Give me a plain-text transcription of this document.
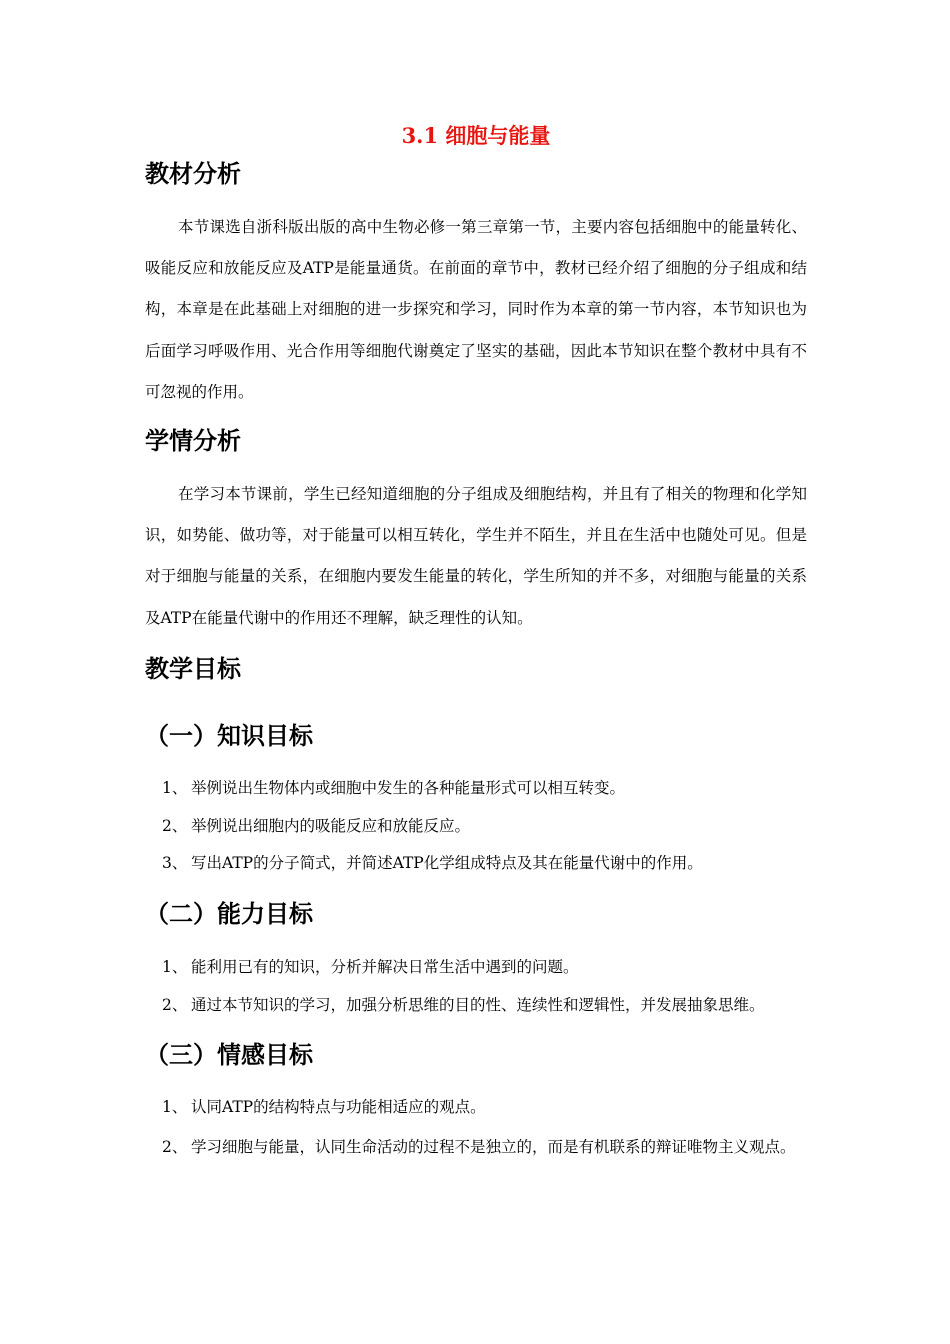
3.1 细胞与能量
教材分析

本节课选自浙科版出版的高中生物必修一第三章第一节，主要内容包括细胞中的能量转化、吸能反应和放能反应及ATP是能量通货。在前面的章节中，教材已经介绍了细胞的分子组成和结构，本章是在此基础上对细胞的进一步探究和学习，同时作为本章的第一节内容，本节知识也为后面学习呼吸作用、光合作用等细胞代谢奠定了坚实的基础，因此本节知识在整个教材中具有不可忽视的作用。

学情分析

在学习本节课前，学生已经知道细胞的分子组成及细胞结构，并且有了相关的物理和化学知识，如势能、做功等，对于能量可以相互转化，学生并不陌生，并且在生活中也随处可见。但是对于细胞与能量的关系，在细胞内要发生能量的转化，学生所知的并不多，对细胞与能量的关系及ATP在能量代谢中的作用还不理解，缺乏理性的认知。

教学目标
（一）知识目标
1、 举例说出生物体内或细胞中发生的各种能量形式可以相互转变。
2、 举例说出细胞内的吸能反应和放能反应。
3、 写出ATP的分子简式，并简述ATP化学组成特点及其在能量代谢中的作用。
（二）能力目标
1、 能利用已有的知识，分析并解决日常生活中遇到的问题。
2、 通过本节知识的学习，加强分析思维的目的性、连续性和逻辑性，并发展抽象思维。
（三）情感目标
1、 认同ATP的结构特点与功能相适应的观点。
2、 学习细胞与能量，认同生命活动的过程不是独立的，而是有机联系的辩证唯物主义观点。
